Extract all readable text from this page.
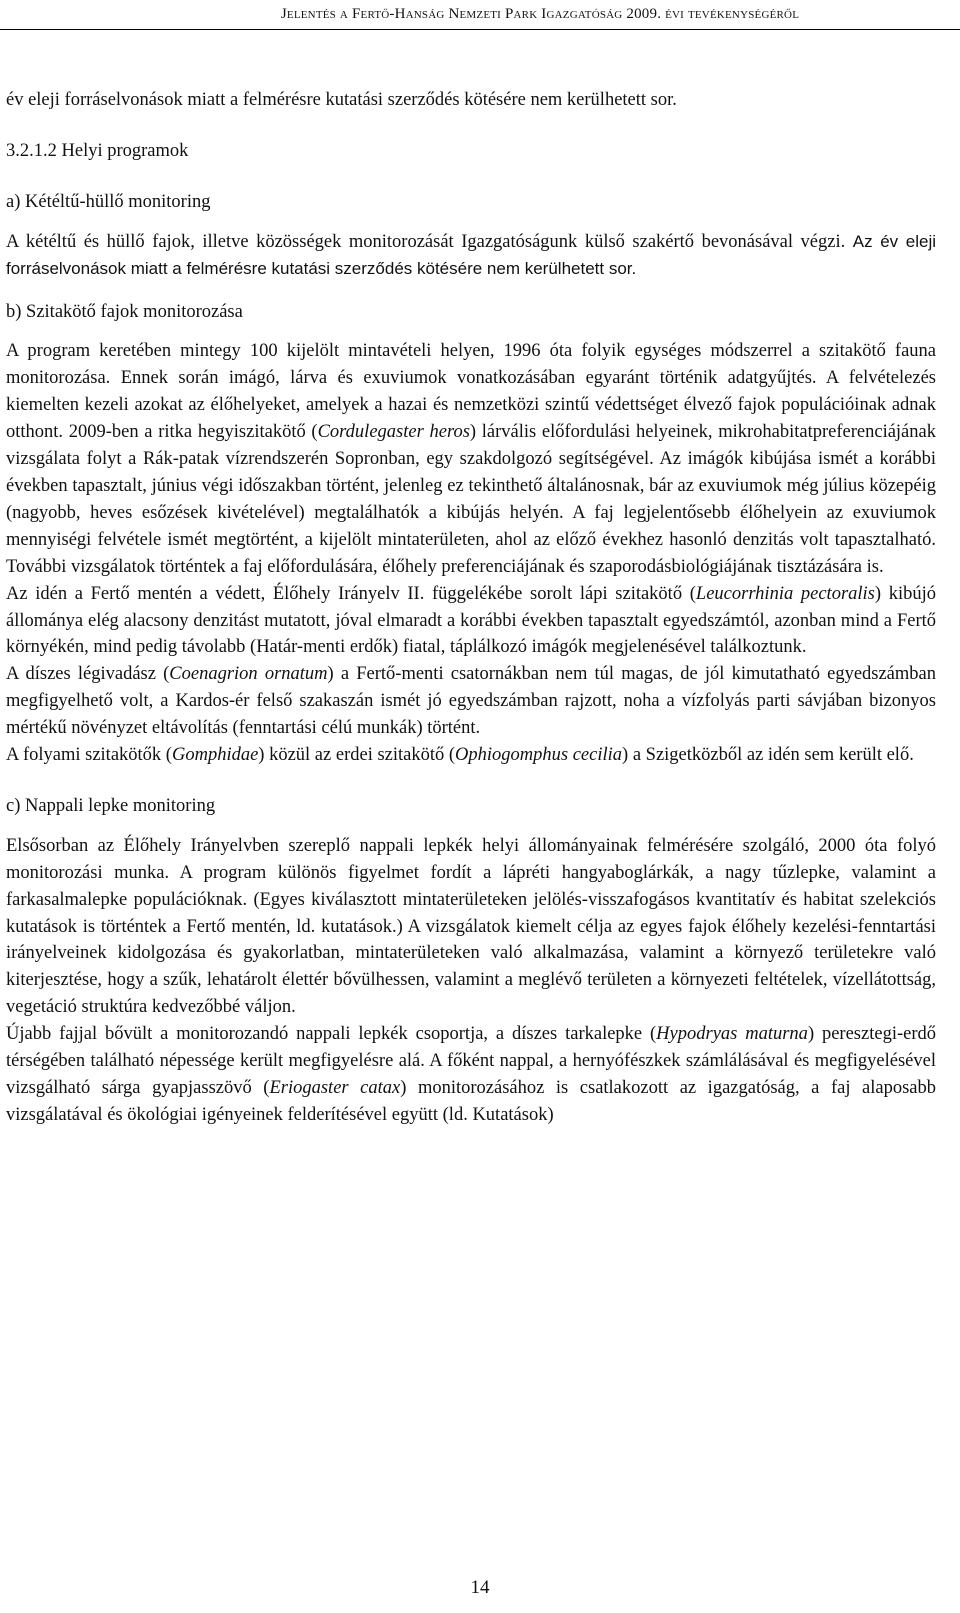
Jelentés a Fertő-Hanság Nemzeti Park Igazgatóság 2009. évi tevékenységéről

év eleji forráselvonások miatt a felmérésre kutatási szerződés kötésére nem kerülhetett sor.

3.2.1.2 Helyi programok

a) Kétéltű-hüllő monitoring

A kétéltű és hüllő fajok, illetve közösségek monitorozását Igazgatóságunk külső szakértő bevonásával végzi. Az év eleji forráselvonások miatt a felmérésre kutatási szerződés kötésére nem kerülhetett sor.

b) Szitakötő fajok monitorozása

A program keretében mintegy 100 kijelölt mintavételi helyen, 1996 óta folyik egységes módszerrel a szitakötő fauna monitorozása. Ennek során imágó, lárva és exuviumok vonatkozásában egyaránt történik adatgyűjtés. A felvételezés kiemelten kezeli azokat az élőhelyeket, amelyek a hazai és nemzetközi szintű védettséget élvező fajok populációinak adnak otthont. 2009-ben a ritka hegyiszitakötő (Cordulegaster heros) lárvális előfordulási helyeinek, mikrohabitatpreferenciájának vizsgálata folyt a Rák-patak vízrendszerén Sopronban, egy szakdolgozó segítségével. Az imágók kibújása ismét a korábbi években tapasztalt, június végi időszakban történt, jelenleg ez tekinthető általánosnak, bár az exuviumok még július közepéig (nagyobb, heves esőzések kivételével) megtalálhatók a kibújás helyén. A faj legjelentősebb élőhelyein az exuviumok mennyiségi felvétele ismét megtörtént, a kijelölt mintaterületen, ahol az előző évekhez hasonló denzitás volt tapasztalható. További vizsgálatok történtek a faj előfordulására, élőhely preferenciájának és szaporodásbiológiájának tisztázására is.

Az idén a Fertő mentén a védett, Élőhely Irányelv II. függelékébe sorolt lápi szitakötő (Leucorrhinia pectoralis) kibújó állománya elég alacsony denzitást mutatott, jóval elmaradt a korábbi években tapasztalt egyedszámtól, azonban mind a Fertő környékén, mind pedig távolabb (Határ-menti erdők) fiatal, táplálkozó imágók megjelenésével találkoztunk.

A díszes légivadász (Coenagrion ornatum) a Fertő-menti csatornákban nem túl magas, de jól kimutatható egyedszámban megfigyelhető volt, a Kardos-ér felső szakaszán ismét jó egyedszámban rajzott, noha a vízfolyás parti sávjában bizonyos mértékű növényzet eltávolítás (fenntartási célú munkák) történt.

A folyami szitakötők (Gomphidae) közül az erdei szitakötő (Ophiogomphus cecilia) a Szigetközből az idén sem került elő.

c) Nappali lepke monitoring

Elsősorban az Élőhely Irányelvben szereplő nappali lepkék helyi állományainak felmérésére szolgáló, 2000 óta folyó monitorozási munka. A program különös figyelmet fordít a lápréti hangyaboglárkák, a nagy tűzlepke, valamint a farkasalmalepke populációknak. (Egyes kiválasztott mintaterületeken jelölés-visszafogásos kvantitatív és habitat szelekciós kutatások is történtek a Fertő mentén, ld. kutatások.) A vizsgálatok kiemelt célja az egyes fajok élőhely kezelési-fenntartási irányelveinek kidolgozása és gyakorlatban, mintaterületeken való alkalmazása, valamint a környező területekre való kiterjesztése, hogy a szűk, lehatárolt élettér bővülhessen, valamint a meglévő területen a környezeti feltételek, vízellátottság, vegetáció struktúra kedvezőbbé váljon.

Újabb fajjal bővült a monitorozandó nappali lepkék csoportja, a díszes tarkalepke (Hypodryas maturna) peresztegi-erdő térségében található népessége került megfigyelésre alá. A főként nappal, a hernyófészkek számlálásával és megfigyelésével vizsgálható sárga gyapjasszövő (Eriogaster catax) monitorozásához is csatlakozott az igazgatóság, a faj alaposabb vizsgálatával és ökológiai igényeinek felderítésével együtt (ld. Kutatások)

14
